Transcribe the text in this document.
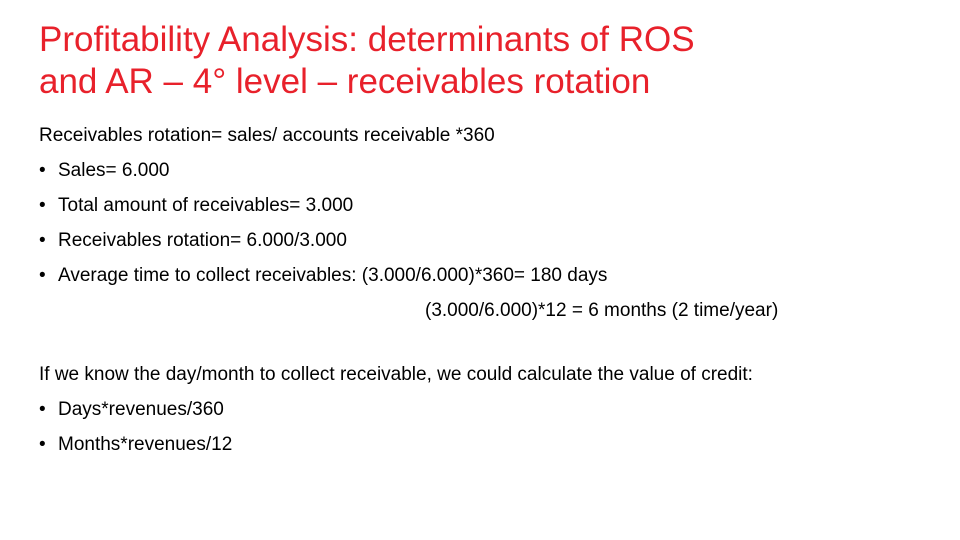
Profitability Analysis: determinants of ROS
and AR – 4° level – receivables rotation
Receivables rotation= sales/ accounts receivable *360
• Sales= 6.000
• Total amount of receivables= 3.000
• Receivables rotation= 6.000/3.000
• Average time to collect receivables: (3.000/6.000)*360= 180 days
(3.000/6.000)*12 = 6 months (2 time/year)
If we know the day/month to collect receivable, we could calculate the value of credit:
• Days*revenues/360
• Months*revenues/12
